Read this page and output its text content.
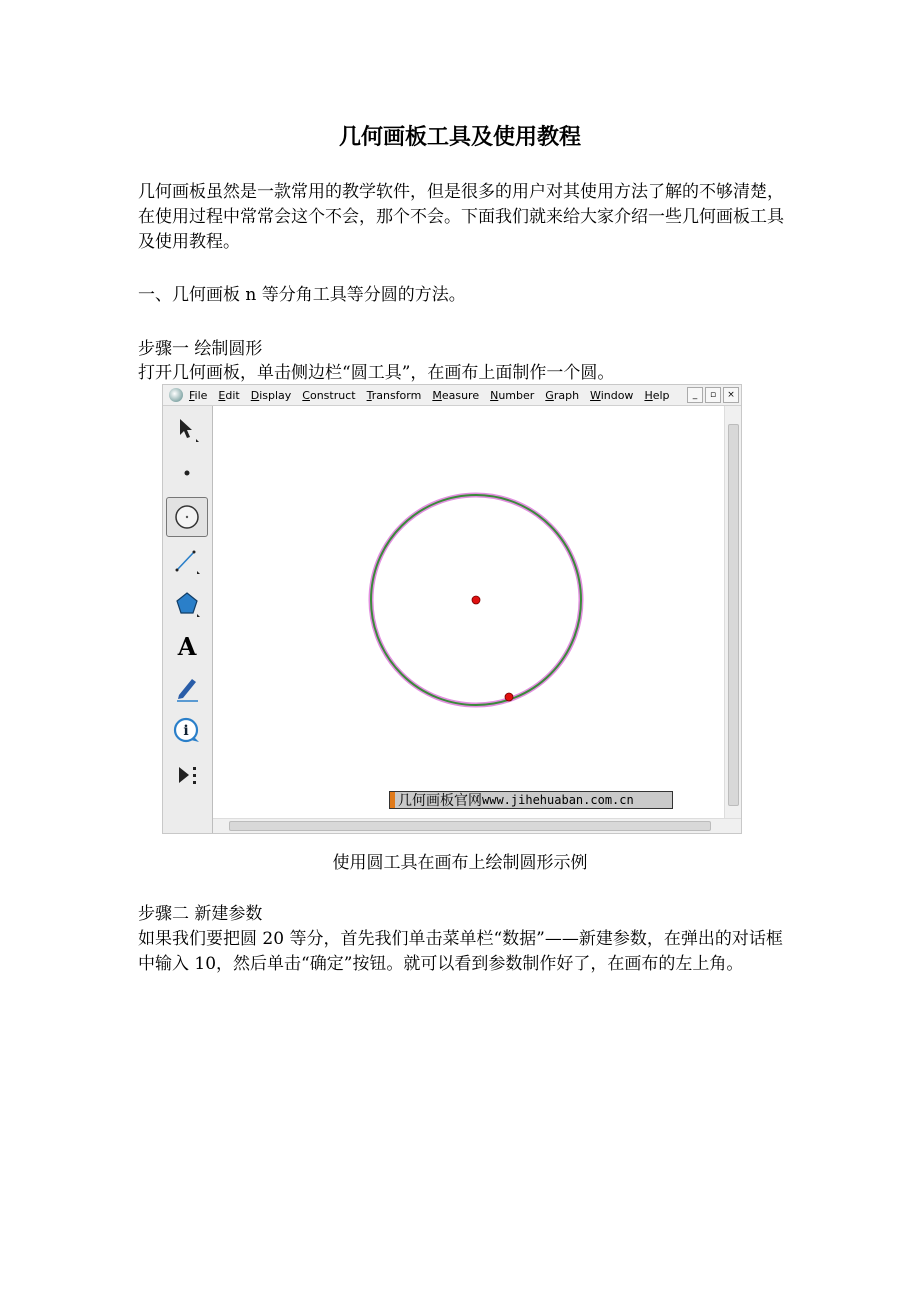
几何画板工具及使用教程
几何画板虽然是一款常用的教学软件，但是很多的用户对其使用方法了解的不够清楚，在使用过程中常常会这个不会，那个不会。下面我们就来给大家介绍一些几何画板工具及使用教程。
一、几何画板 n 等分角工具等分圆的方法。
步骤一 绘制圆形
打开几何画板，单击侧边栏“圆工具”，在画布上面制作一个圆。
File Edit Display Construct Transform Measure Number Graph Window Help	_	▫	×
A
i
几何画板官网 www.jihehuaban.com.cn
使用圆工具在画布上绘制圆形示例
步骤二 新建参数
如果我们要把圆 20 等分，首先我们单击菜单栏“数据”——新建参数，在弹出的对话框中输入 10，然后单击“确定”按钮。就可以看到参数制作好了，在画布的左上角。
